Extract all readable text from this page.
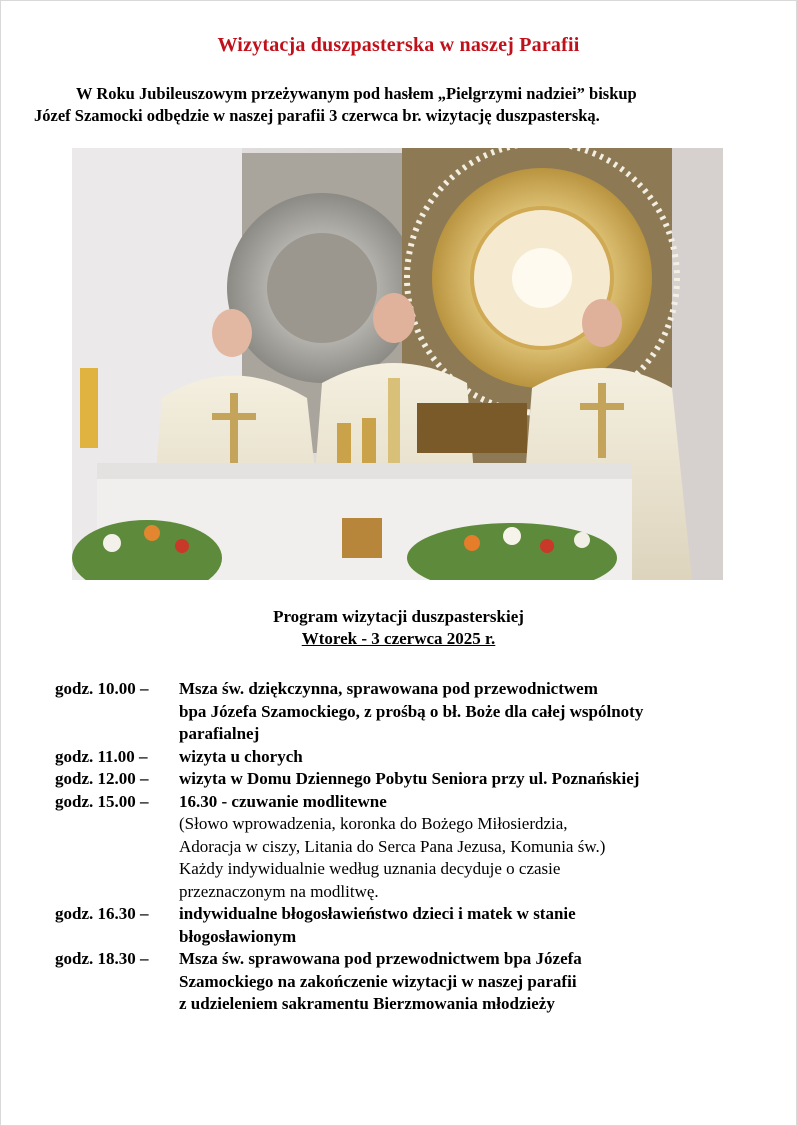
Wizytacja duszpasterska w naszej Parafii
W Roku Jubileuszowym przeżywanym pod hasłem „Pielgrzymi nadziei” biskup
Józef Szamocki odbędzie w naszej parafii 3 czerwca br. wizytację duszpasterską.
Program wizytacji duszpasterskiej
Wtorek - 3 czerwca 2025 r.
godz. 10.00 –	Msza św. dziękczynna, sprawowana pod przewodnictwem
bpa Józefa Szamockiego, z prośbą o bł. Boże dla całej wspólnoty
parafialnej
godz. 11.00 –	wizyta u chorych
godz. 12.00 –	wizyta w Domu Dziennego Pobytu Seniora przy ul. Poznańskiej
godz. 15.00 –	16.30 - czuwanie modlitewne
(Słowo wprowadzenia, koronka do Bożego Miłosierdzia,
Adoracja w ciszy, Litania do Serca Pana Jezusa, Komunia św.)
Każdy indywidualnie według uznania decyduje o czasie
przeznaczonym na modlitwę.
godz. 16.30 –	indywidualne błogosławieństwo dzieci i matek w stanie
błogosławionym
godz. 18.30 –	Msza św. sprawowana pod przewodnictwem bpa Józefa
Szamockiego na zakończenie wizytacji w naszej parafii
z udzieleniem sakramentu Bierzmowania młodzieży
